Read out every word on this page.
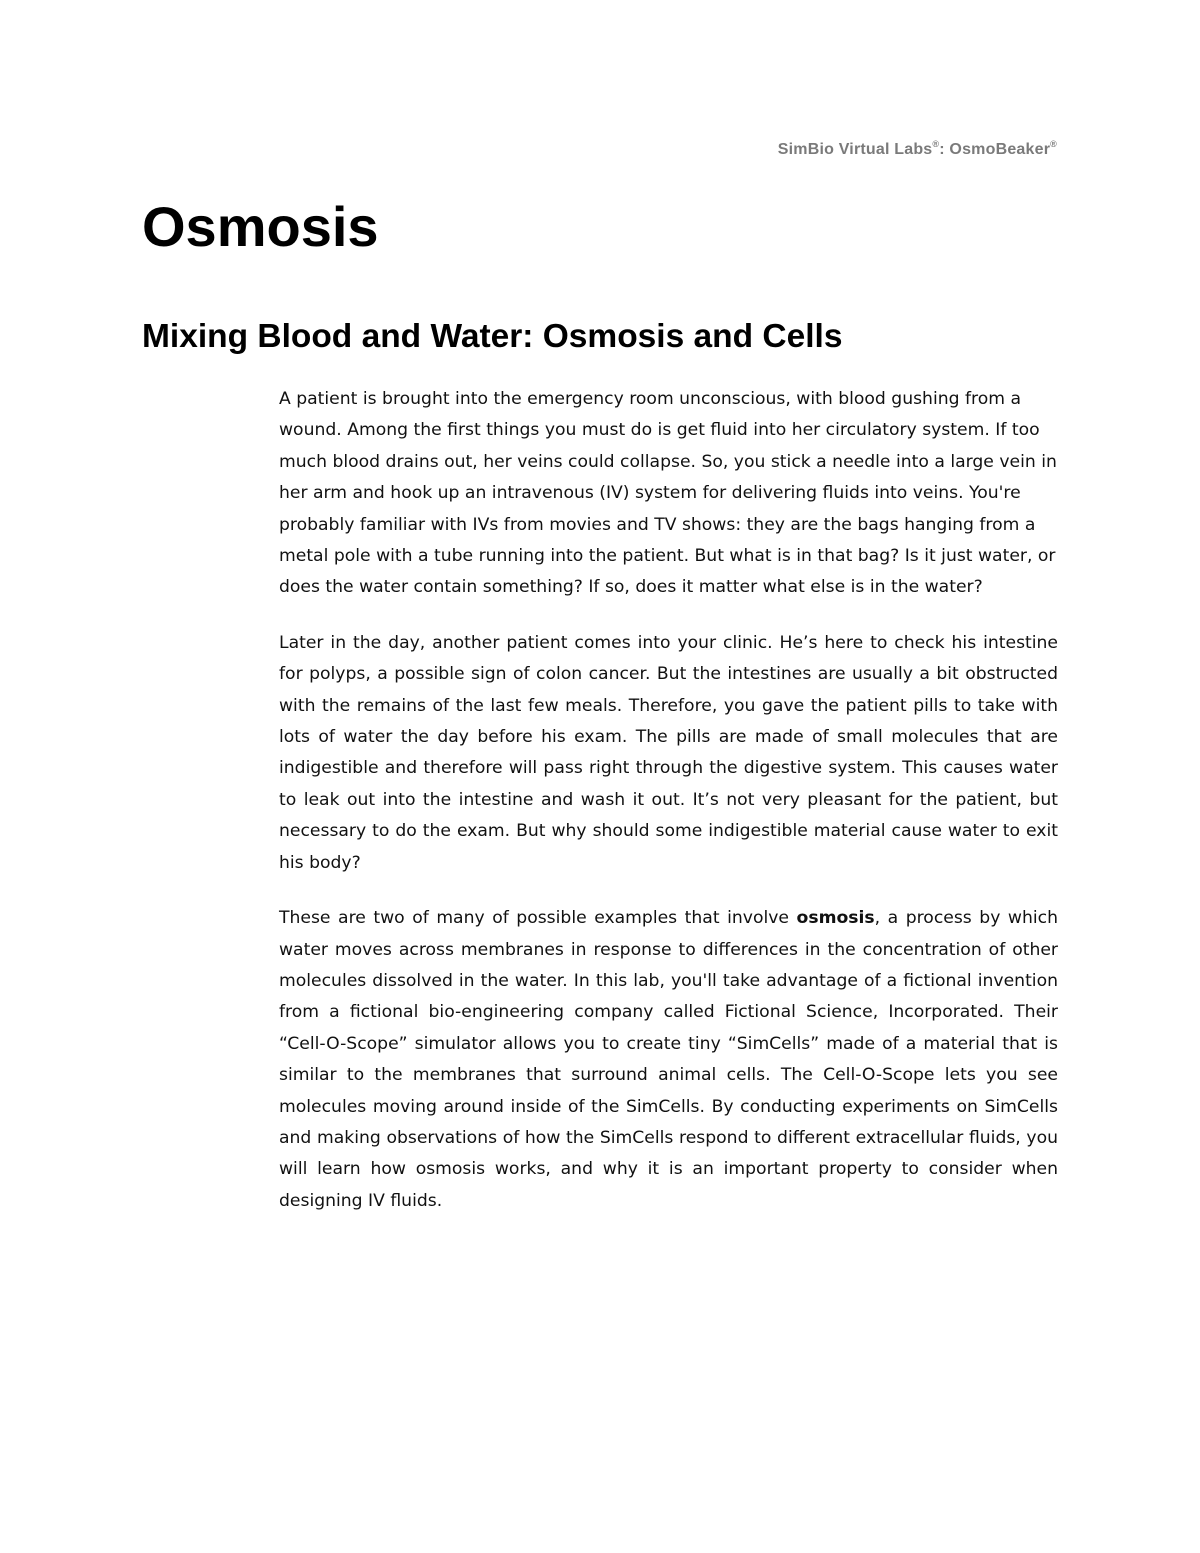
SimBio Virtual Labs®: OsmoBeaker®
Osmosis
Mixing Blood and Water: Osmosis and Cells

A patient is brought into the emergency room unconscious, with blood gushing from a wound. Among the first things you must do is get fluid into her circulatory system. If too much blood drains out, her veins could collapse. So, you stick a needle into a large vein in her arm and hook up an intravenous (IV) system for delivering fluids into veins. You're probably familiar with IVs from movies and TV shows: they are the bags hanging from a metal pole with a tube running into the patient. But what is in that bag? Is it just water, or does the water contain something? If so, does it matter what else is in the water?

Later in the day, another patient comes into your clinic. He’s here to check his intestine for polyps, a possible sign of colon cancer. But the intestines are usually a bit obstructed with the remains of the last few meals. Therefore, you gave the patient pills to take with lots of water the day before his exam. The pills are made of small molecules that are indigestible and therefore will pass right through the digestive system. This causes water to leak out into the intestine and wash it out. It’s not very pleasant for the patient, but necessary to do the exam. But why should some indigestible material cause water to exit his body?

These are two of many of possible examples that involve osmosis, a process by which water moves across membranes in response to differences in the concentration of other molecules dissolved in the water. In this lab, you'll take advantage of a fictional invention from a fictional bio-engineering company called Fictional Science, Incorporated. Their “Cell-O-Scope” simulator allows you to create tiny “SimCells” made of a material that is similar to the membranes that surround animal cells. The Cell-O-Scope lets you see molecules moving around inside of the SimCells. By conducting experiments on SimCells and making observations of how the SimCells respond to different extracellular fluids, you will learn how osmosis works, and why it is an important property to consider when designing IV fluids.
